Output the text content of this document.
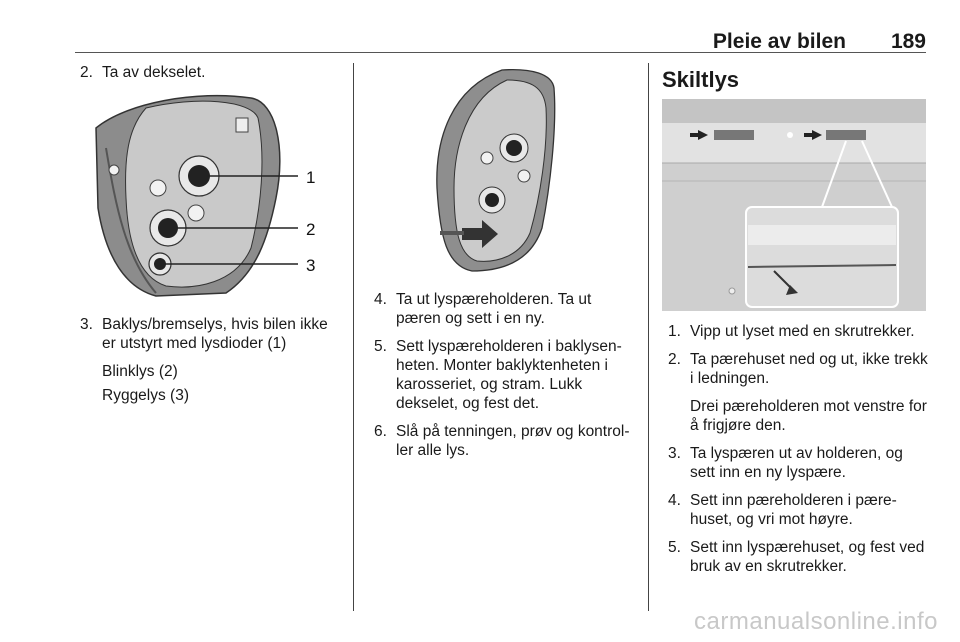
Pleie av bilen 189
2. Ta av dekselet.

1
2
3
3. Baklys/bremselys, hvis bilen ikke er utstyrt med lysdioder (1)

Blinklys (2)

Ryggelys (3)

4. Ta ut lyspæreholderen. Ta ut pæren og sett i en ny.

5. Sett lyspæreholderen i baklysenheten. Monter baklyktenheten i karosseriet, og stram. Lukk dekselet, og fest det.

6. Slå på tenningen, prøv og kontroller alle lys.

Skiltlys
1. Vipp ut lyset med en skrutrekker.

2. Ta pærehuset ned og ut, ikke trekk i ledningen.

Drei pæreholderen mot venstre for å frigjøre den.

3. Ta lyspæren ut av holderen, og sett inn en ny lyspære.

4. Sett inn pæreholderen i pærehuset, og vri mot høyre.

5. Sett inn lyspærehuset, og fest ved bruk av en skrutrekker.

carmanualsonline.info
